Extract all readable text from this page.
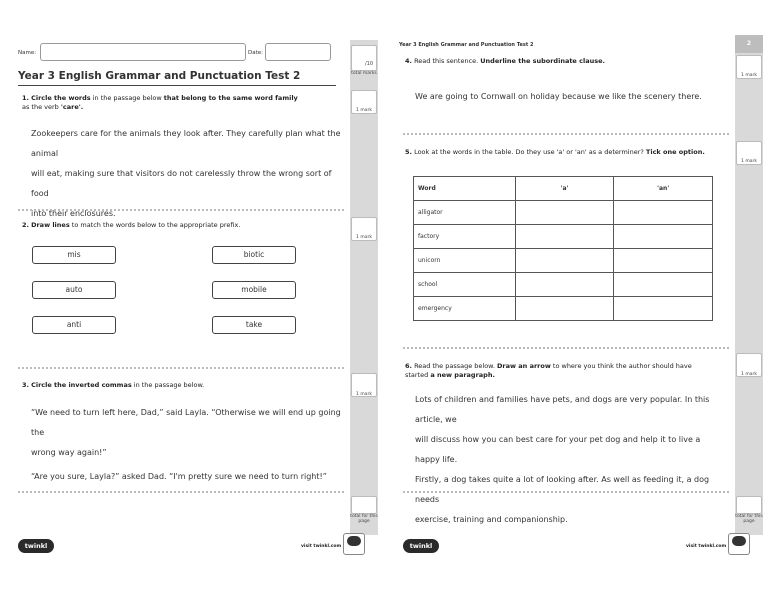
Name:	Date:
/10
total marks
Year 3 English Grammar and Punctuation Test 2
1. Circle the words in the passage below that belong to the same word family as the verb 'care'.	1 mark
Zookeepers care for the animals they look after. They carefully plan what the animal
will eat, making sure that visitors do not carelessly throw the wrong sort of food
into their enclosures.
2. Draw lines to match the words below to the appropriate prefix.
1 mark
mis
auto
anti
biotic
mobile
take
3. Circle the inverted commas in the passage below.
1 mark
“We need to turn left here, Dad,” said Layla. “Otherwise we will end up going the
wrong way again!”
“Are you sure, Layla?” asked Dad. “I'm pretty sure we need to turn right!”
total for this page
twinkl	visit twinkl.com
2
Year 3 English Grammar and Punctuation Test 2
4. Read this sentence. Underline the subordinate clause.
1 mark
We are going to Cornwall on holiday because we like the scenery there.
5. Look at the words in the table. Do they use 'a' or 'an' as a determiner? Tick one option.
1 mark
Word	'a'	'an'
alligator		
factory		
unicorn		
school		
emergency		
6. Read the passage below. Draw an arrow to where you think the author should have started a new paragraph.	1 mark
Lots of children and families have pets, and dogs are very popular. In this article, we
will discuss how you can best care for your pet dog and help it to live a happy life.
Firstly, a dog takes quite a lot of looking after. As well as feeding it, a dog needs
exercise, training and companionship.	total for this page
twinkl	visit twinkl.com
